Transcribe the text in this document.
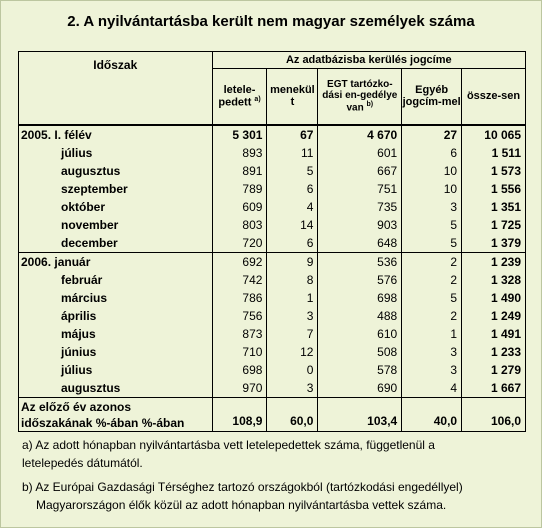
2. A nyilvántartásba került nem magyar személyek száma
Időszak	Az adatbázisba kerülés jogcíme				
	letele-pedett $^{a)}$	menekül t	EGT tartózko-dási en-gedélye van $^{b)}$	Egyéb jogcím-mel	össze-sen
2005. I. félév	5 301	67	4 670	27	10 065
július	893	11	601	6	1 511
augusztus	891	5	667	10	1 573
szeptember	789	6	751	10	1 556
október	609	4	735	3	1 351
november	803	14	903	5	1 725
december	720	6	648	5	1 379
2006. január	692	9	536	2	1 239
február	742	8	576	2	1 328
március	786	1	698	5	1 490
április	756	3	488	2	1 249
május	873	7	610	1	1 491
június	710	12	508	3	1 233
július	698	0	578	3	1 279
augusztus	970	3	690	4	1 667
Az előző év azonos
időszakának %-ában %-ában	108,9	60,0	103,4	40,0	106,0

a) Az adott hónapban nyilvántartásba vett letelepedettek száma, függetlenül a
letelepedés dátumától.

b) Az Európai Gazdasági Térséghez tartozó országokból (tartózkodási engedéllyel)
Magyarországon élők közül az adott hónapban nyilvántartásba vettek száma.
